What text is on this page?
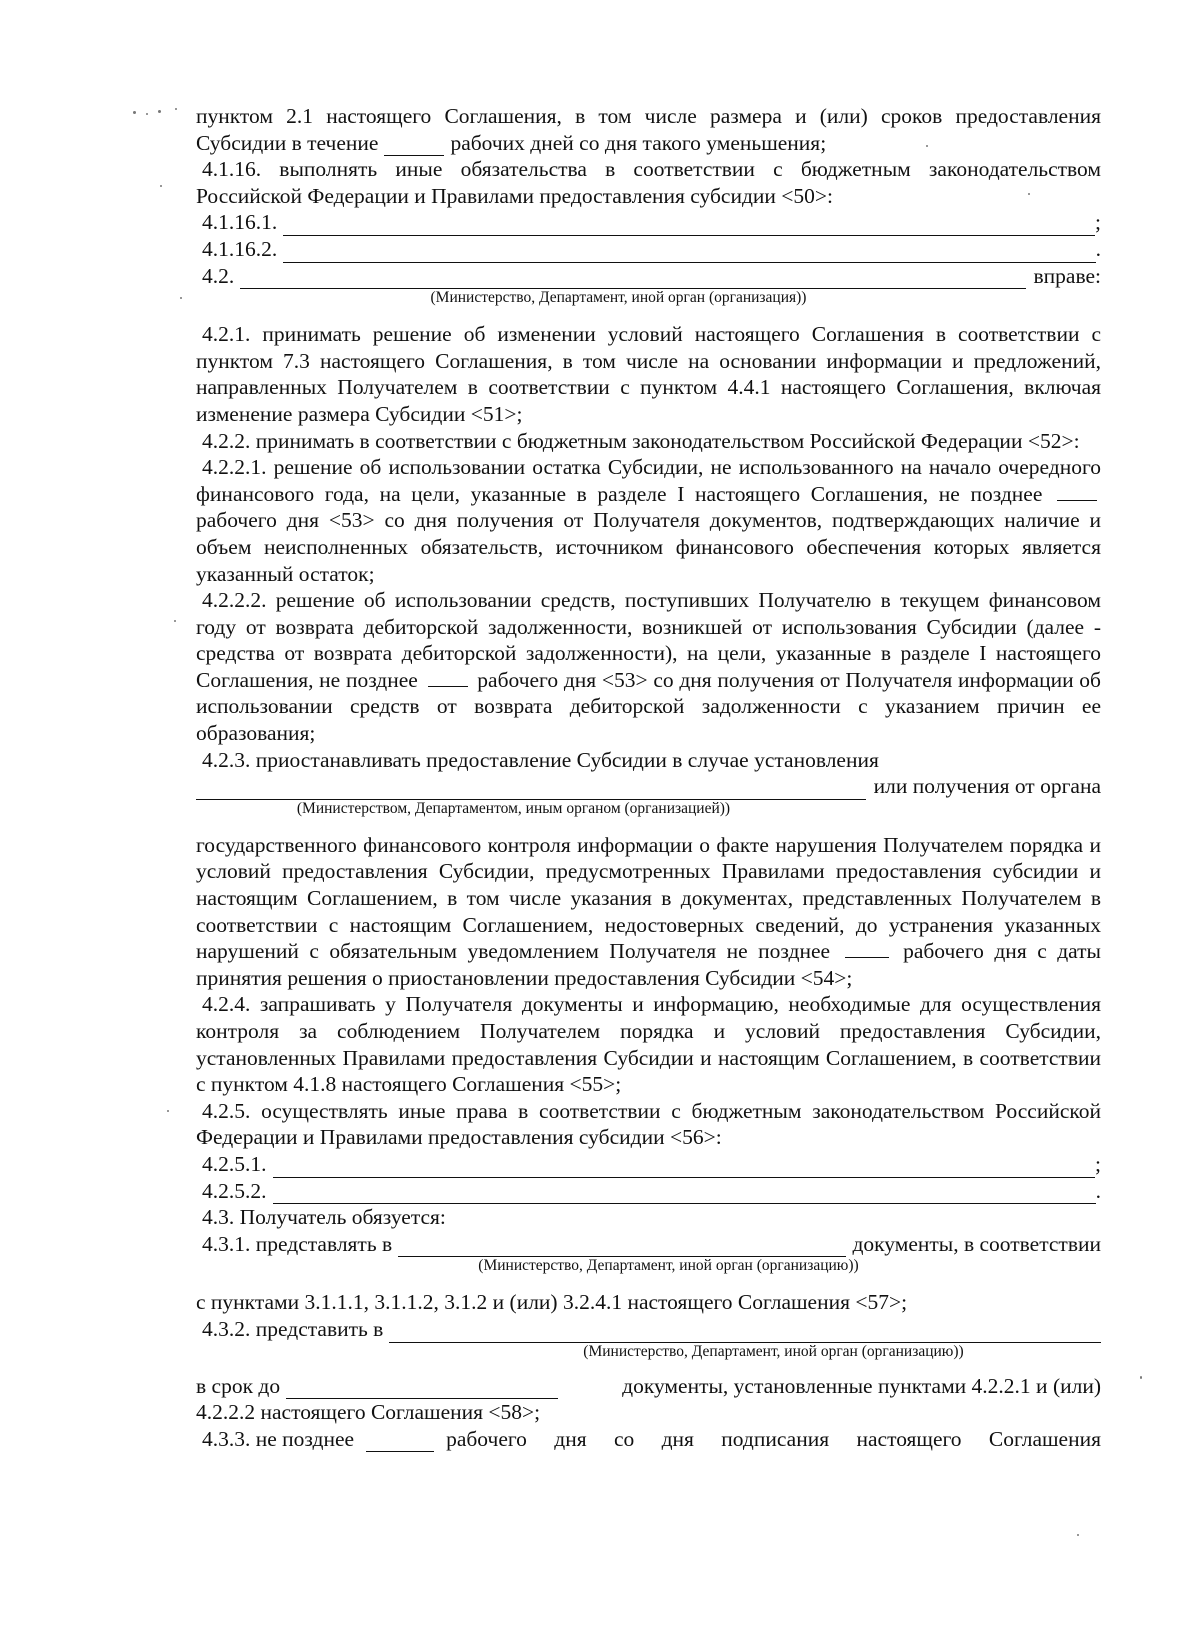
пунктом 2.1 настоящего Соглашения, в том числе размера и (или) сроков предоставления

Субсидии в течение	рабочих дней со дня такого уменьшения;

4.1.16. выполнять иные обязательства в соответствии с бюджетным законодательством Российской Федерации и Правилами предоставления субсидии <50>:

4.1.16.1.	;
4.1.16.2.	.
4.2.	вправе:

(Министерство, Департамент, иной орган (организация))

4.2.1. принимать решение об изменении условий настоящего Соглашения в соответствии с пунктом 7.3 настоящего Соглашения, в том числе на основании информации и предложений, направленных Получателем в соответствии с пунктом 4.4.1 настоящего Соглашения, включая изменение размера Субсидии <51>;

4.2.2. принимать в соответствии с бюджетным законодательством Российской Федерации <52>:

4.2.2.1. решение об использовании остатка Субсидии, не использованного на начало очередного финансового года, на цели, указанные в разделе I настоящего Соглашения, не позднее  рабочего дня <53> со дня получения от Получателя документов, подтверждающих наличие и объем неисполненных обязательств, источником финансового обеспечения которых является указанный остаток;

4.2.2.2. решение об использовании средств, поступивших Получателю в текущем финансовом году от возврата дебиторской задолженности, возникшей от использования Субсидии (далее - средства от возврата дебиторской задолженности), на цели, указанные в разделе I настоящего Соглашения, не позднее	рабочего дня <53> со дня получения от Получателя информации об использовании средств от возврата дебиторской задолженности с указанием причин ее образования;

4.2.3. приостанавливать предоставление Субсидии в случае установления

или получения от органа

(Министерством, Департаментом, иным органом (организацией))

государственного финансового контроля информации о факте нарушения Получателем порядка и условий предоставления Субсидии, предусмотренных Правилами предоставления субсидии и настоящим Соглашением, в том числе указания в документах, представленных Получателем в соответствии с настоящим Соглашением, недостоверных сведений, до устранения указанных нарушений с обязательным уведомлением Получателя не позднее	рабочего дня с даты принятия решения о приостановлении предоставления Субсидии <54>;

4.2.4. запрашивать у Получателя документы и информацию, необходимые для осуществления контроля за соблюдением Получателем порядка и условий предоставления Субсидии, установленных Правилами предоставления Субсидии и настоящим Соглашением, в соответствии с пунктом 4.1.8 настоящего Соглашения <55>;

4.2.5. осуществлять иные права в соответствии с бюджетным законодательством Российской Федерации и Правилами предоставления субсидии <56>:

4.2.5.1.	;
4.2.5.2.	.

4.3. Получатель обязуется:

4.3.1. представлять в	документы, в соответствии

(Министерство, Департамент, иной орган (организацию))

с пунктами 3.1.1.1, 3.1.1.2, 3.1.2 и (или) 3.2.4.1 настоящего Соглашения <57>;

4.3.2. представить в

(Министерство, Департамент, иной орган (организацию))

в срок до	документы, установленные пунктами 4.2.2.1 и (или)

4.2.2.2 настоящего Соглашения <58>;

4.3.3. не позднее	рабочего дня со дня подписания настоящего Соглашения
